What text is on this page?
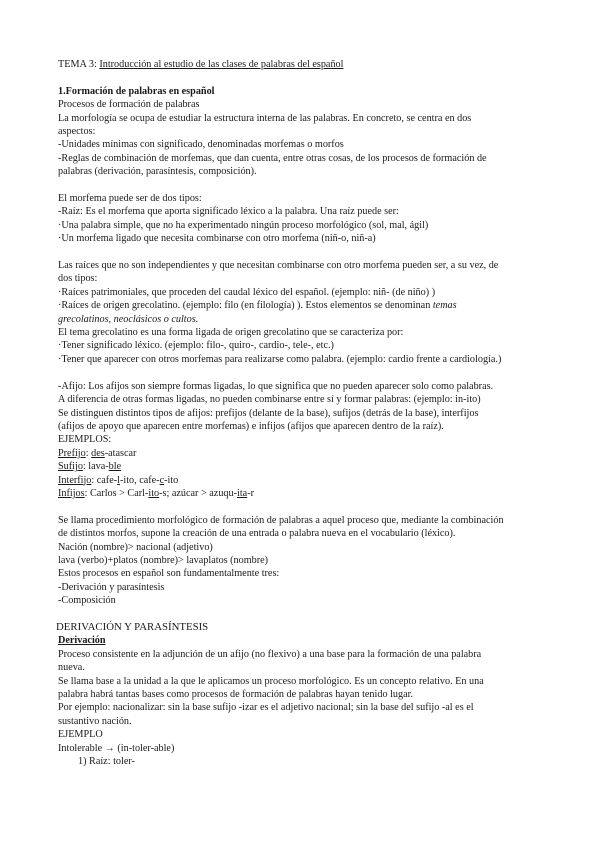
TEMA 3: Introducción al estudio de las clases de palabras del español

1.Formación de palabras en español

Procesos de formación de palabras

La morfología se ocupa de estudiar la estructura interna de las palabras. En concreto, se centra en dos

aspectos:

-Unidades mínimas con significado, denominadas morfemas o morfos

-Reglas de combinación de morfemas, que dan cuenta, entre otras cosas, de los procesos de formación de

palabras (derivación, parasíntesis, composición).

El morfema puede ser de dos tipos:

-Raíz: Es el morfema que aporta significado léxico a la palabra. Una raíz puede ser:

·Una palabra simple, que no ha experimentado ningún proceso morfológico (sol, mal, ágil)

·Un morfema ligado que necesita combinarse con otro morfema (niñ-o, niñ-a)

Las raíces que no son independientes y que necesitan combinarse con otro morfema pueden ser, a su vez, de

dos tipos:

·Raíces patrimoniales, que proceden del caudal léxico del español. (ejemplo: niñ- (de niño) )

·Raíces de origen grecolatino. (ejemplo: filo (en filología) ). Estos elementos se denominan temas

grecolatinos, neoclásicos o cultos.

El tema grecolatino es una forma ligada de origen grecolatino que se caracteriza por:

·Tener significado léxico. (ejemplo: filo-, quiro-, cardio-, tele-, etc.)

·Tener que aparecer con otros morfemas para realizarse como palabra. (ejemplo: cardio frente a cardiología.)

-Afijo: Los afijos son siempre formas ligadas, lo que significa que no pueden aparecer solo como palabras.

A diferencia de otras formas ligadas, no pueden combinarse entre sí y formar palabras: (ejemplo: in-ito)

Se distinguen distintos tipos de afijos: prefijos (delante de la base), sufijos (detrás de la base), interfijos

(afijos de apoyo que aparecen entre morfemas) e infijos (afijos que aparecen dentro de la raíz).

EJEMPLOS:

Prefijo: des-atascar

Sufijo: lava-ble

Interfijo: cafe-l-ito, cafe-c-ito

Infijos: Carlos > Carl-ito-s; azúcar > azuqu-ita-r

Se llama procedimiento morfológico de formación de palabras a aquel proceso que, mediante la combinación

de distintos morfos, supone la creación de una entrada o palabra nueva en el vocabulario (léxico).

Nación (nombre)> nacional (adjetivo)

lava (verbo)+platos (nombre)> lavaplatos (nombre)

Estos procesos en español son fundamentalmente tres:

-Derivación y parasíntesis

-Composición

DERIVACIÓN Y PARASÍNTESIS

Derivación

Proceso consistente en la adjunción de un afijo (no flexivo) a una base para la formación de una palabra

nueva.

Se llama base a la unidad a la que le aplicamos un proceso morfológico. Es un concepto relativo. En una

palabra habrá tantas bases como procesos de formación de palabras hayan tenido lugar.

Por ejemplo: nacionalizar: sin la base sufijo -izar es el adjetivo nacional; sin la base del sufijo -al es el

sustantivo nación.

EJEMPLO

Intolerable → (in-toler-able)

1) Raíz: toler-
